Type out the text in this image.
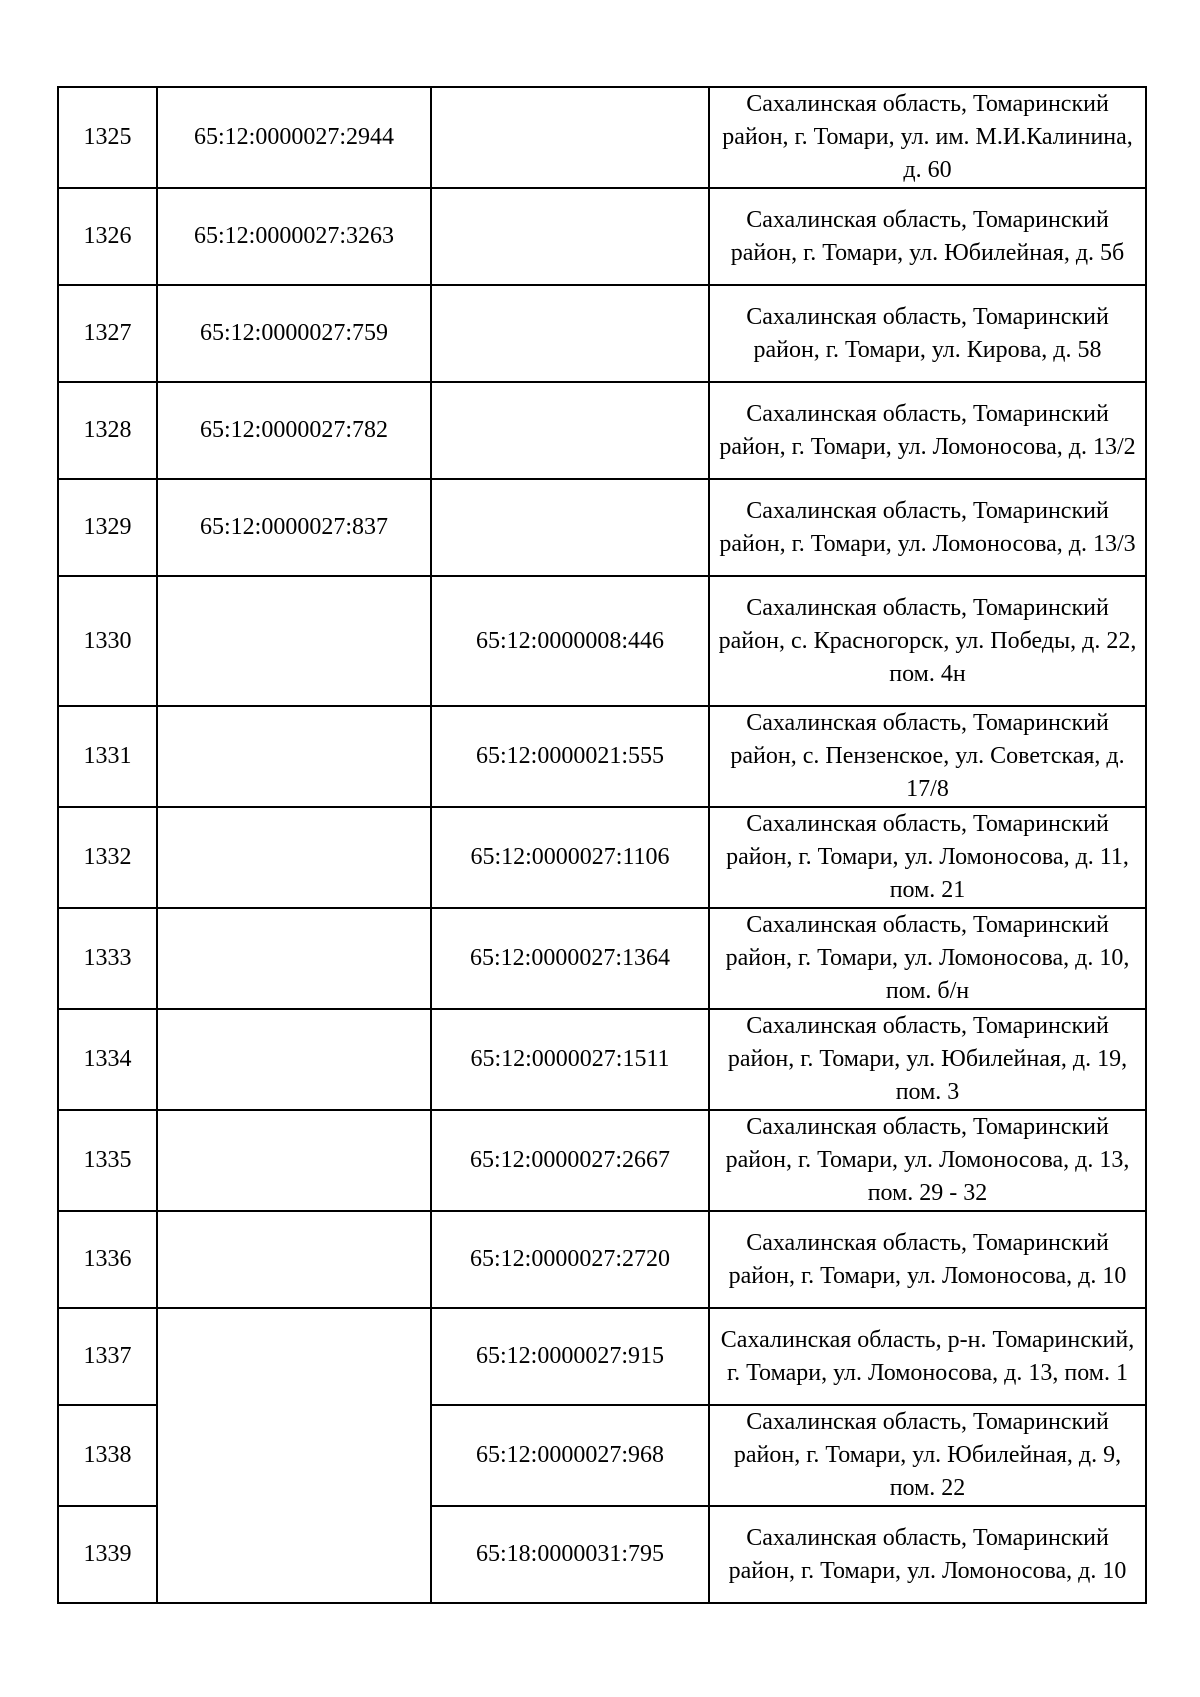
1325	65:12:0000027:2944		Сахалинская область, Томаринский район, г. Томари, ул. им. М.И.Калинина, д. 60
1326	65:12:0000027:3263		Сахалинская область, Томаринский район, г. Томари, ул. Юбилейная, д. 5б
1327	65:12:0000027:759		Сахалинская область, Томаринский район, г. Томари, ул. Кирова, д. 58
1328	65:12:0000027:782		Сахалинская область, Томаринский район, г. Томари, ул. Ломоносова, д. 13/2
1329	65:12:0000027:837		Сахалинская область, Томаринский район, г. Томари, ул. Ломоносова, д. 13/3
1330		65:12:0000008:446	Сахалинская область, Томаринский район, с. Красногорск, ул. Победы, д. 22, пом. 4н
1331		65:12:0000021:555	Сахалинская область, Томаринский район, с. Пензенское, ул. Советская, д. 17/8
1332		65:12:0000027:1106	Сахалинская область, Томаринский район, г. Томари, ул. Ломоносова, д. 11, пом. 21
1333		65:12:0000027:1364	Сахалинская область, Томаринский район, г. Томари, ул. Ломоносова, д. 10, пом. б/н
1334		65:12:0000027:1511	Сахалинская область, Томаринский район, г. Томари, ул. Юбилейная, д. 19, пом. 3
1335		65:12:0000027:2667	Сахалинская область, Томаринский район, г. Томари, ул. Ломоносова, д. 13, пом. 29 - 32
1336		65:12:0000027:2720	Сахалинская область, Томаринский район, г. Томари, ул. Ломоносова, д. 10
1337		65:12:0000027:915	Сахалинская область, р-н. Томаринский, г. Томари, ул. Ломоносова, д. 13, пом. 1
1338		65:12:0000027:968	Сахалинская область, Томаринский район, г. Томари, ул. Юбилейная, д. 9, пом. 22
1339		65:18:0000031:795	Сахалинская область, Томаринский район, г. Томари, ул. Ломоносова, д. 10
